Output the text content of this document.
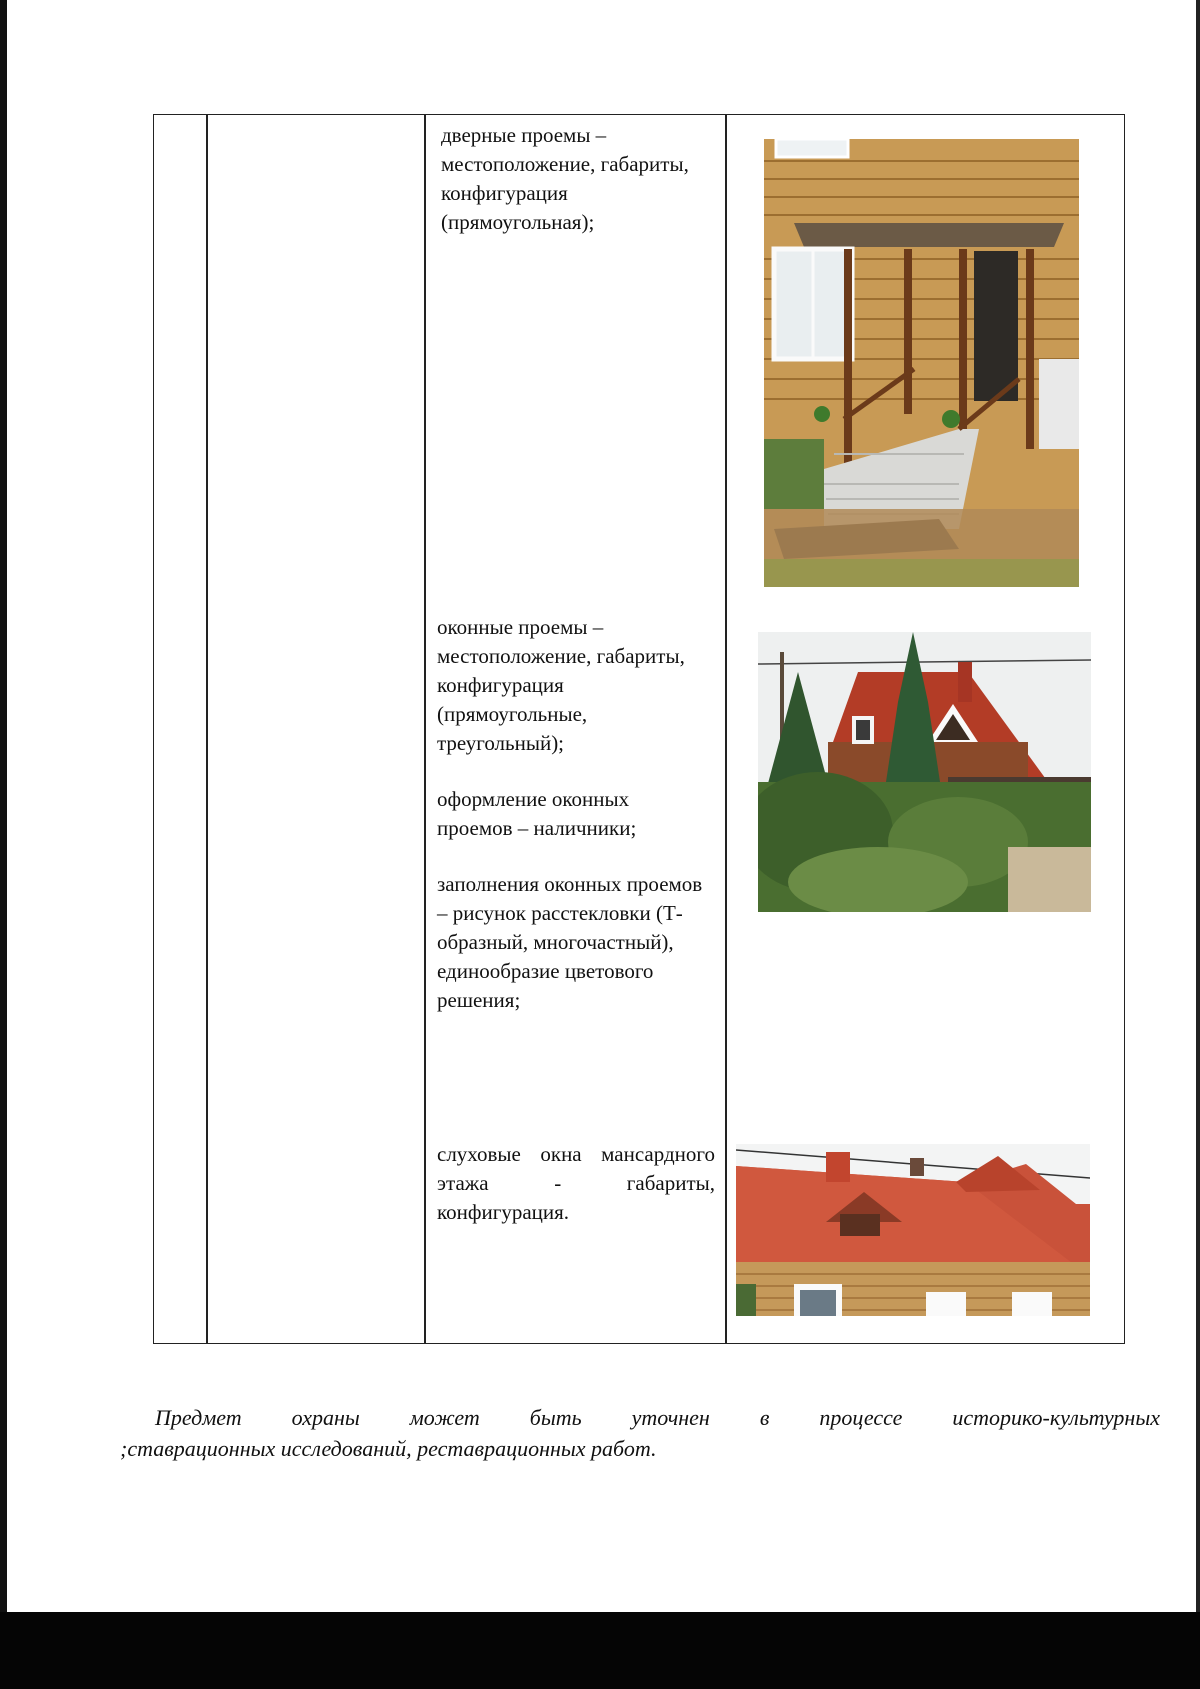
дверные проемы – местоположение, габариты, конфигурация (прямоугольная);

оконные проемы – местоположение, габариты, конфигурация (прямоугольные, треугольный);

оформление оконных проемов – наличники;

заполнения оконных проемов – рисунок расстекловки (Т-образный, многочастный), единообразие цветового решения;

слуховые окна мансардного этажа - габариты, конфигурация.

Предмет охраны может быть уточнен в процессе историко-культурных
;ставрационных исследований, реставрационных работ.
